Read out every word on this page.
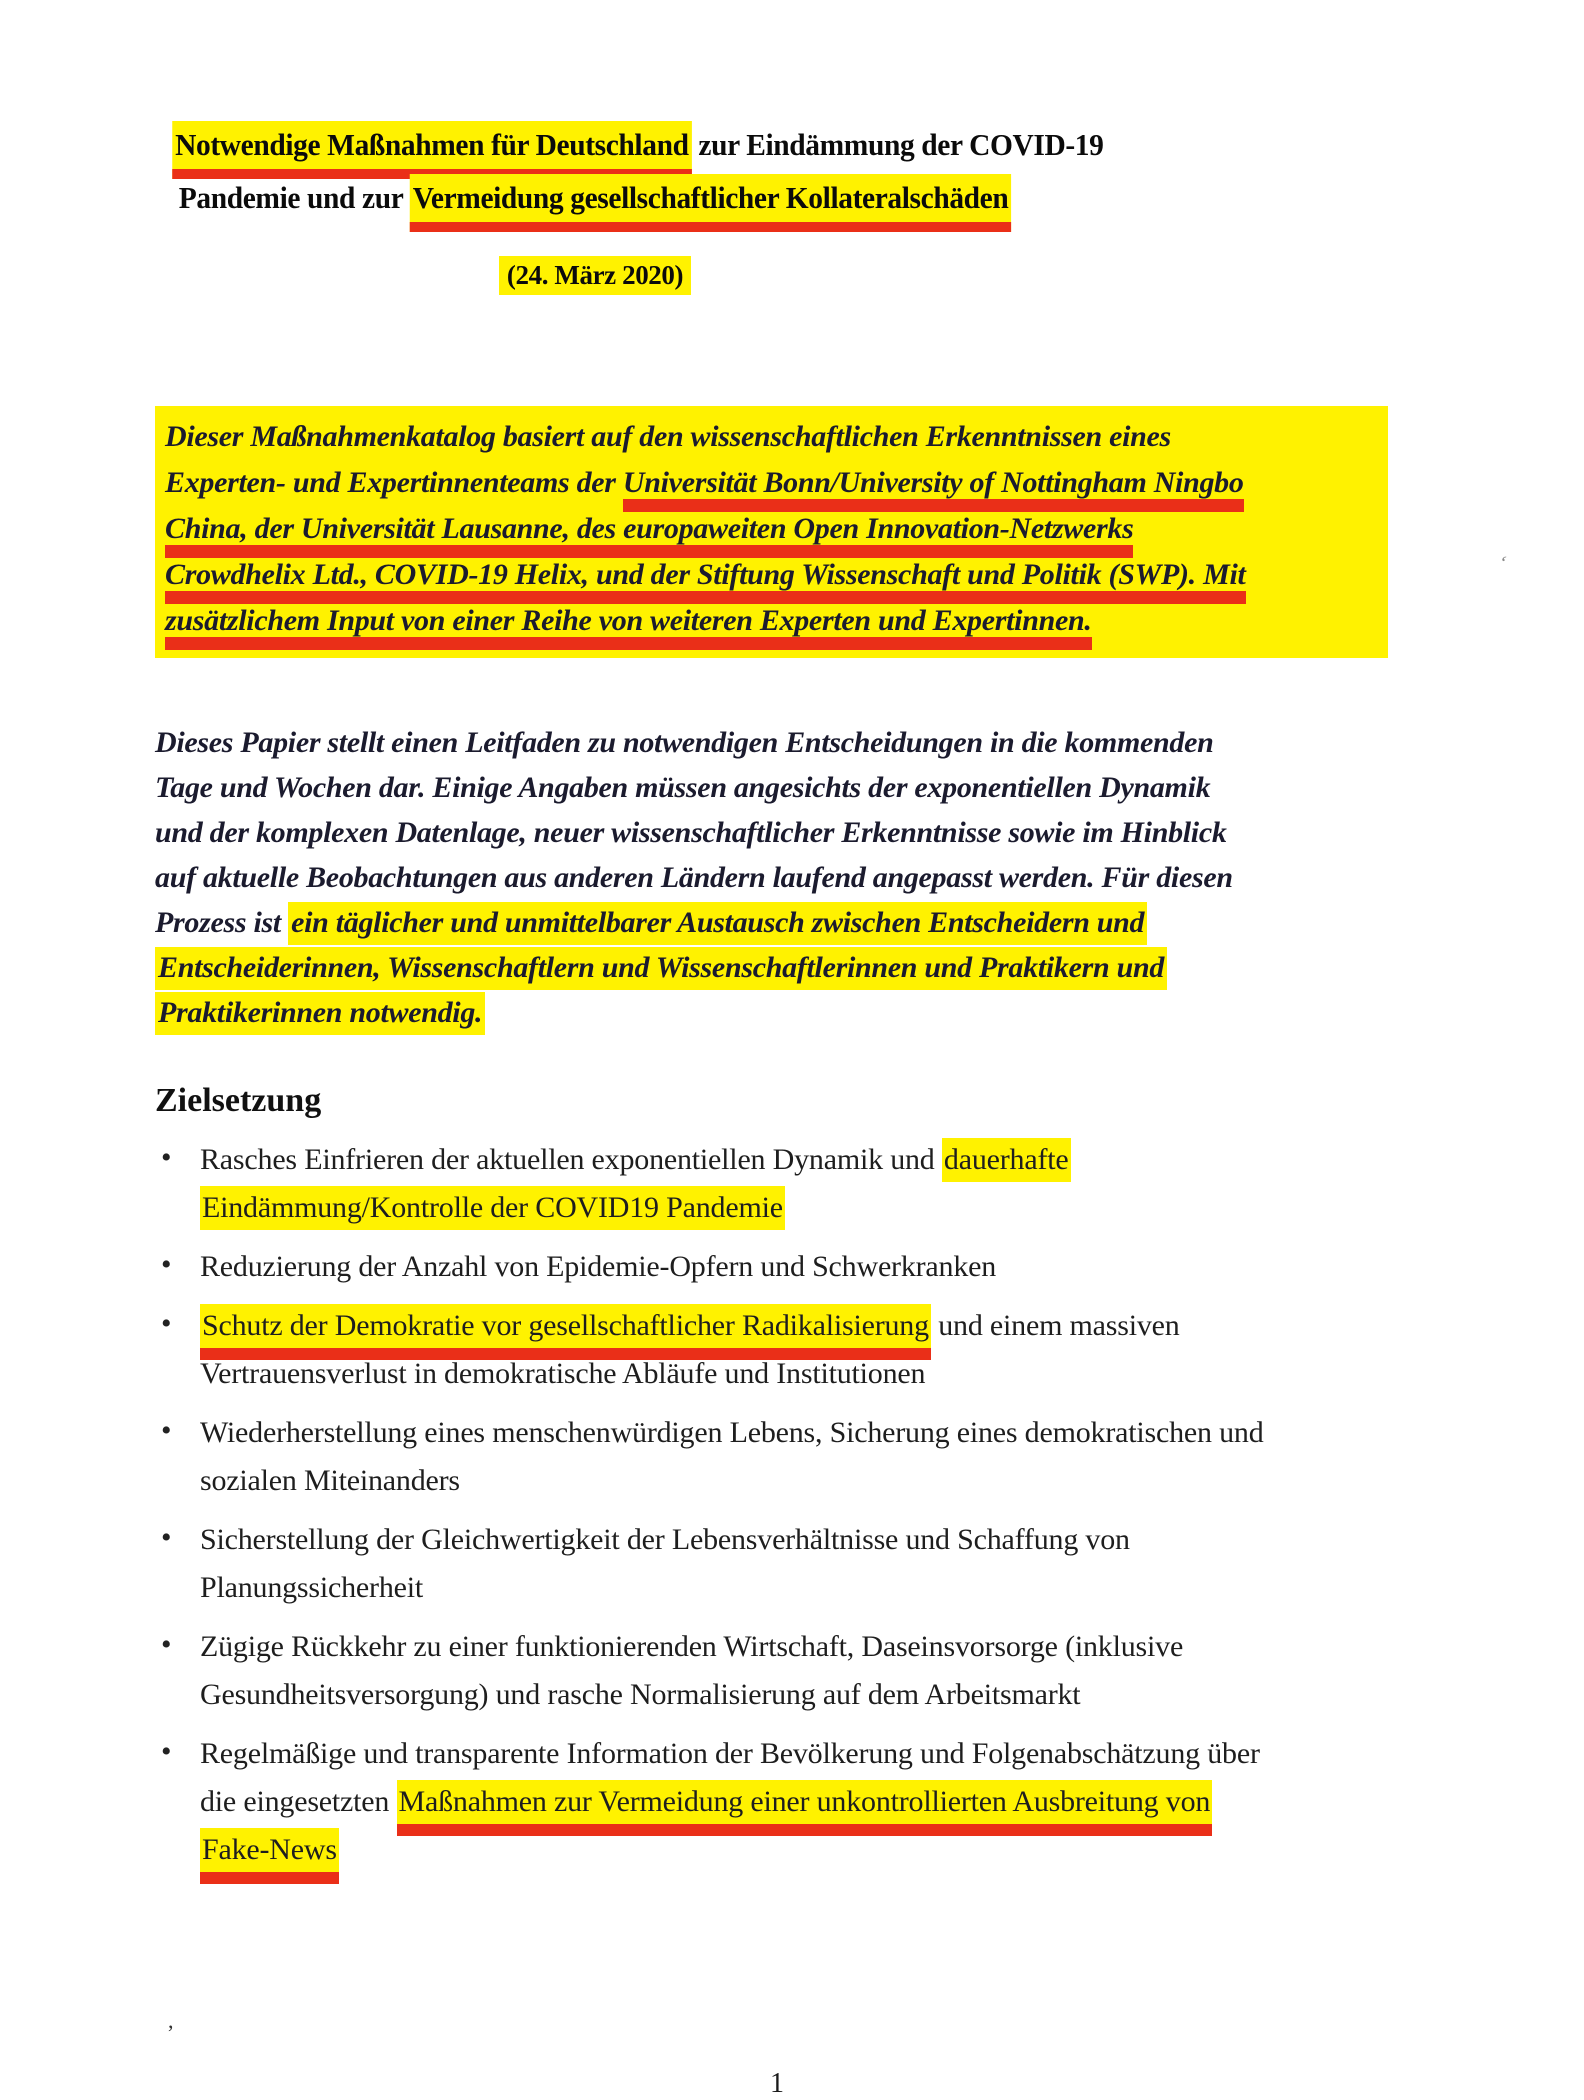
Notwendige Maßnahmen für Deutschland zur Eindämmung der COVID-19
Pandemie und zur Vermeidung gesellschaftlicher Kollateralschäden
(24. März 2020)
Dieser Maßnahmenkatalog basiert auf den wissenschaftlichen Erkenntnissen eines
Experten- und Expertinnenteams der Universität Bonn/University of Nottingham Ningbo
China, der Universität Lausanne, des europaweiten Open Innovation-Netzwerks
Crowdhelix Ltd., COVID-19 Helix, und der Stiftung Wissenschaft und Politik (SWP). Mit
zusätzlichem Input von einer Reihe von weiteren Experten und Expertinnen.
Dieses Papier stellt einen Leitfaden zu notwendigen Entscheidungen in die kommenden
Tage und Wochen dar. Einige Angaben müssen angesichts der exponentiellen Dynamik
und der komplexen Datenlage, neuer wissenschaftlicher Erkenntnisse sowie im Hinblick
auf aktuelle Beobachtungen aus anderen Ländern laufend angepasst werden. Für diesen
Prozess ist ein täglicher und unmittelbarer Austausch zwischen Entscheidern und
Entscheiderinnen, Wissenschaftlern und Wissenschaftlerinnen und Praktikern und
Praktikerinnen notwendig.
Zielsetzung
• Rasches Einfrieren der aktuellen exponentiellen Dynamik und dauerhafte
Eindämmung/Kontrolle der COVID19 Pandemie
• Reduzierung der Anzahl von Epidemie-Opfern und Schwerkranken
• Schutz der Demokratie vor gesellschaftlicher Radikalisierung und einem massiven
Vertrauensverlust in demokratische Abläufe und Institutionen
• Wiederherstellung eines menschenwürdigen Lebens, Sicherung eines demokratischen und
sozialen Miteinanders
• Sicherstellung der Gleichwertigkeit der Lebensverhältnisse und Schaffung von
Planungssicherheit
• Zügige Rückkehr zu einer funktionierenden Wirtschaft, Daseinsvorsorge (inklusive
Gesundheitsversorgung) und rasche Normalisierung auf dem Arbeitsmarkt
• Regelmäßige und transparente Information der Bevölkerung und Folgenabschätzung über
die eingesetzten Maßnahmen zur Vermeidung einer unkontrollierten Ausbreitung von
Fake-News
ʻ
,
1
